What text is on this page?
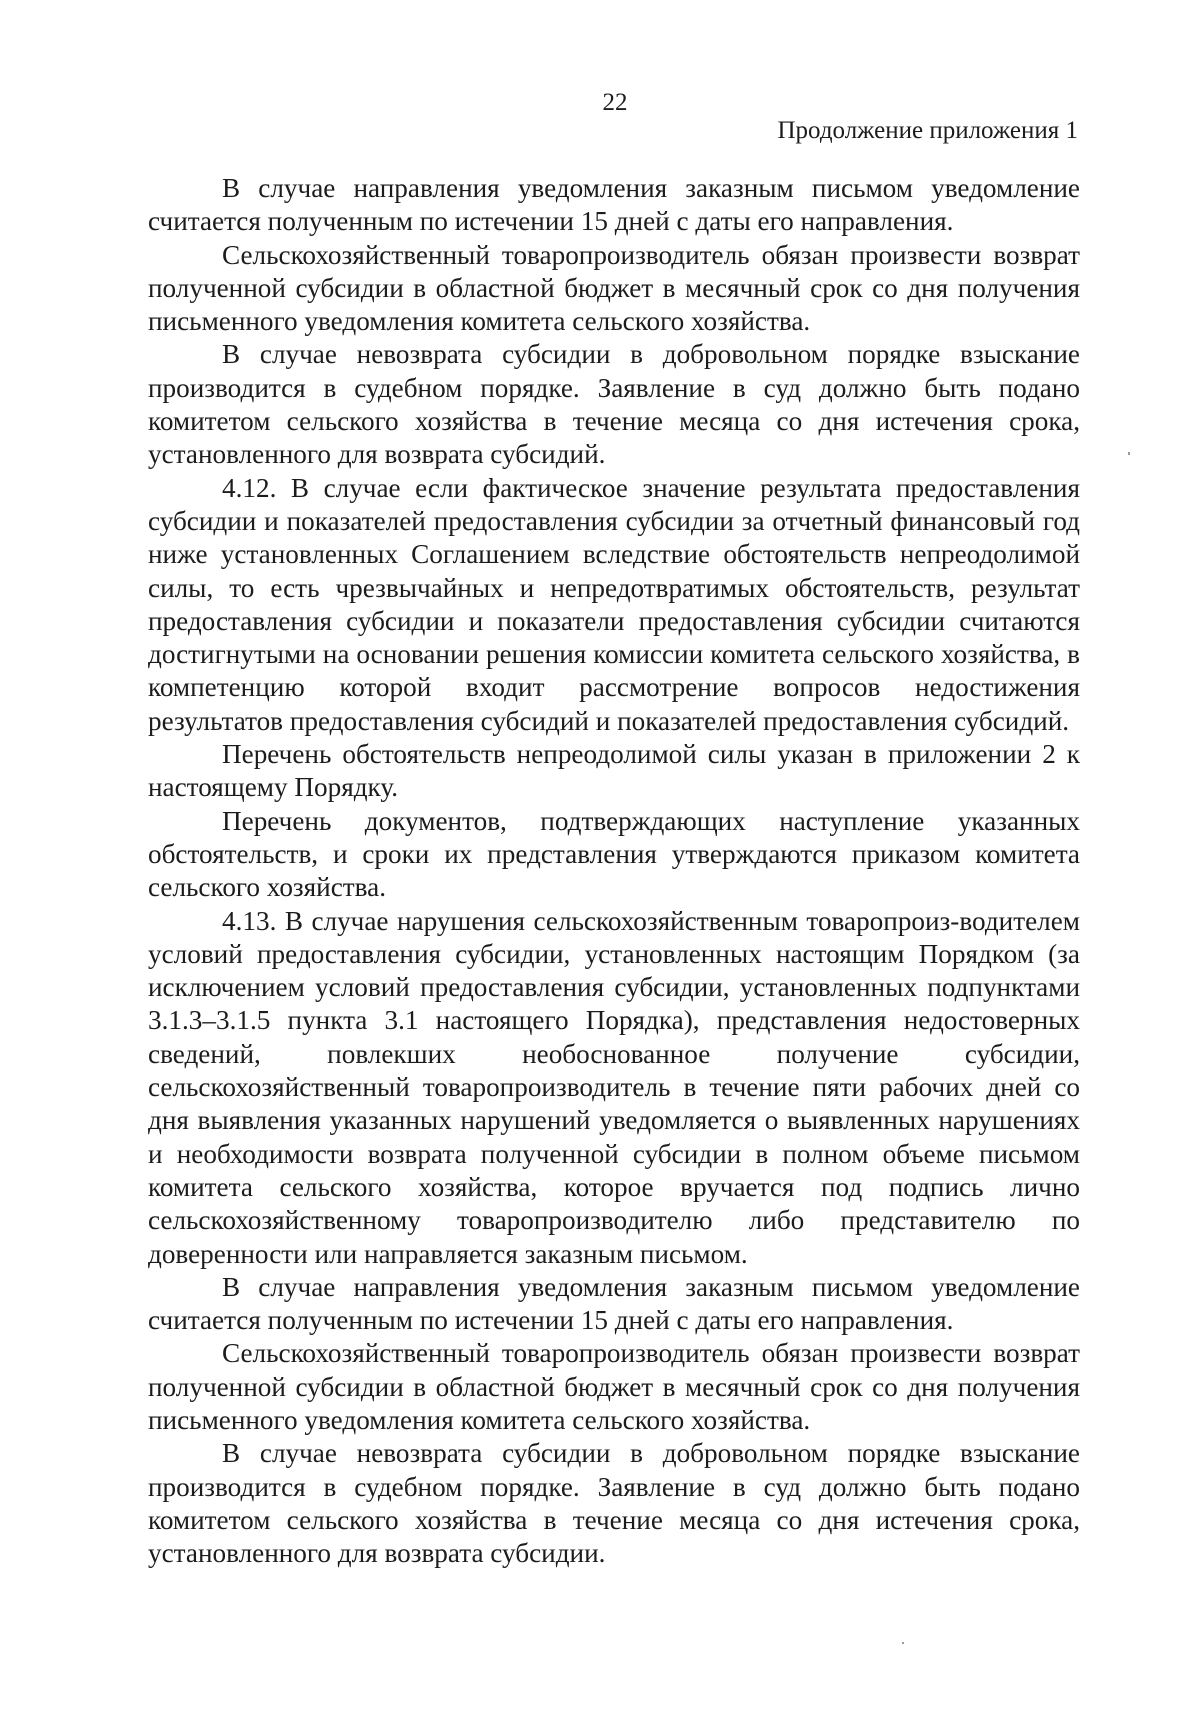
22
Продолжение приложения 1

В случае направления уведомления заказным письмом уведомление считается полученным по истечении 15 дней с даты его направления.

Сельскохозяйственный товаропроизводитель обязан произвести возврат полученной субсидии в областной бюджет в месячный срок со дня получения письменного уведомления комитета сельского хозяйства.

В случае невозврата субсидии в добровольном порядке взыскание производится в судебном порядке. Заявление в суд должно быть подано комитетом сельского хозяйства в течение месяца со дня истечения срока, установленного для возврата субсидий.

4.12. В случае если фактическое значение результата предоставления субсидии и показателей предоставления субсидии за отчетный финансовый год ниже установленных Соглашением вследствие обстоятельств непреодолимой силы, то есть чрезвычайных и непредотвратимых обстоятельств, результат предоставления субсидии и показатели предоставления субсидии считаются достигнутыми на основании решения комиссии комитета сельского хозяйства, в компетенцию которой входит рассмотрение вопросов недостижения результатов предоставления субсидий и показателей предоставления субсидий.

Перечень обстоятельств непреодолимой силы указан в приложении 2 к настоящему Порядку.

Перечень документов, подтверждающих наступление указанных обстоятельств, и сроки их представления утверждаются приказом комитета сельского хозяйства.

4.13. В случае нарушения сельскохозяйственным товаропроиз-водителем условий предоставления субсидии, установленных настоящим Порядком (за исключением условий предоставления субсидии, установленных подпунктами 3.1.3–3.1.5 пункта 3.1 настоящего Порядка), представления недостоверных сведений, повлекших необоснованное получение субсидии, сельскохозяйственный товаропроизводитель в течение пяти рабочих дней со дня выявления указанных нарушений уведомляется о выявленных нарушениях и необходимости возврата полученной субсидии в полном объеме письмом комитета сельского хозяйства, которое вручается под подпись лично сельскохозяйственному товаропроизводителю либо представителю по доверенности или направляется заказным письмом.

В случае направления уведомления заказным письмом уведомление считается полученным по истечении 15 дней с даты его направления.

Сельскохозяйственный товаропроизводитель обязан произвести возврат полученной субсидии в областной бюджет в месячный срок со дня получения письменного уведомления комитета сельского хозяйства.

В случае невозврата субсидии в добровольном порядке взыскание производится в судебном порядке. Заявление в суд должно быть подано комитетом сельского хозяйства в течение месяца со дня истечения срока, установленного для возврата субсидии.
